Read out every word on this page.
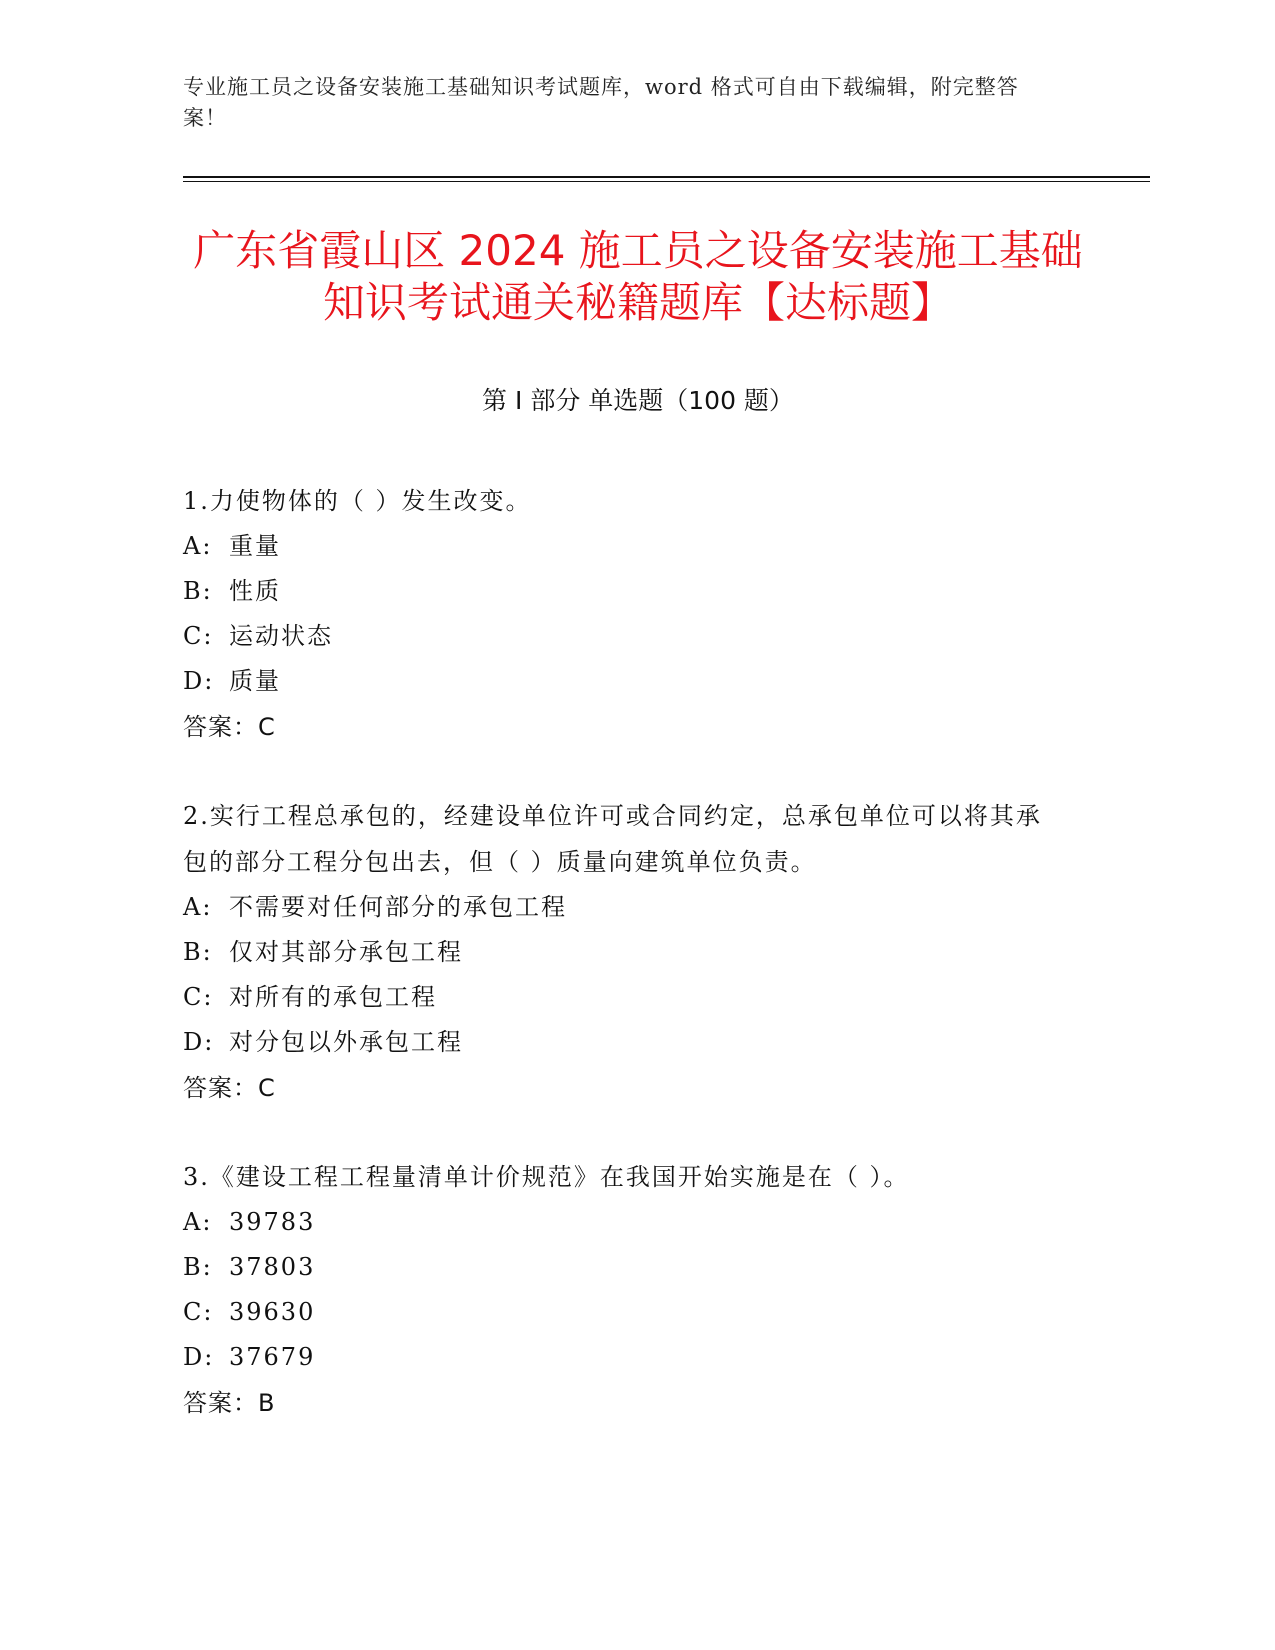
专业施工员之设备安装施工基础知识考试题库，word 格式可自由下载编辑，附完整答案！
广东省霞山区 2024 施工员之设备安装施工基础知识考试通关秘籍题库【达标题】
第 I 部分 单选题（100 题）
1.力使物体的（ ）发生改变。
A: 重量
B: 性质
C: 运动状态
D: 质量
答案：C
2.实行工程总承包的，经建设单位许可或合同约定，总承包单位可以将其承包的部分工程分包出去，但（ ）质量向建筑单位负责。
A: 不需要对任何部分的承包工程
B: 仅对其部分承包工程
C: 对所有的承包工程
D: 对分包以外承包工程
答案：C
3.《建设工程工程量清单计价规范》在我国开始实施是在（ ）。
A: 39783
B: 37803
C: 39630
D: 37679
答案：B
